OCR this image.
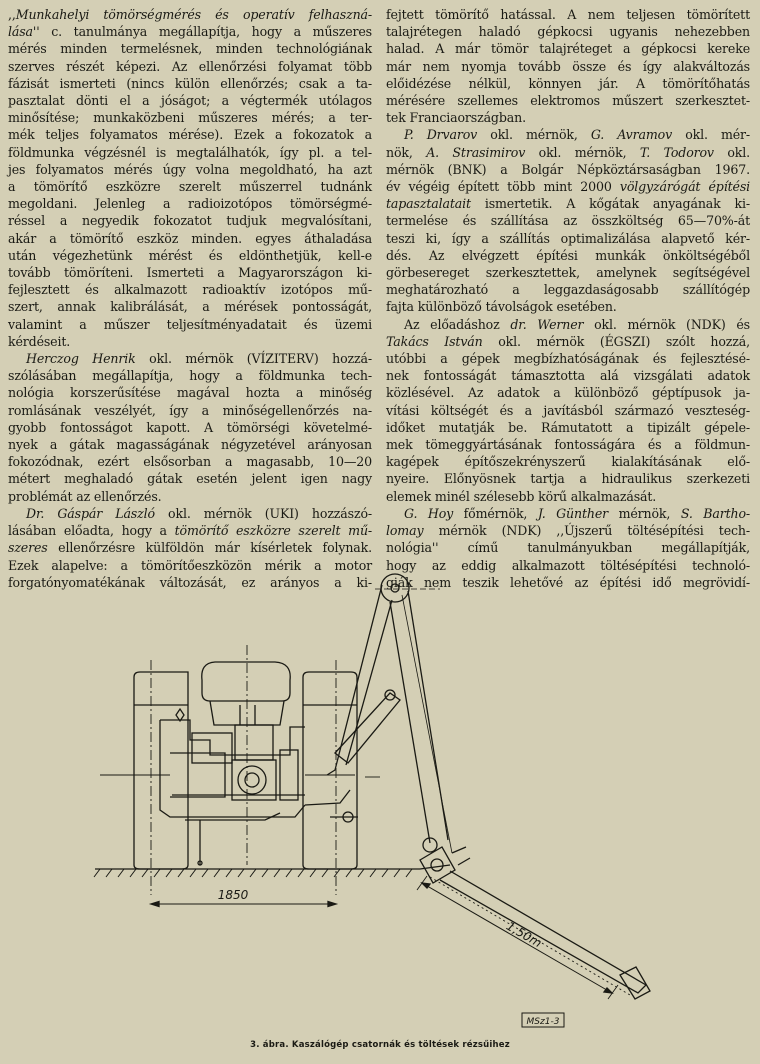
,,Munkahelyi tömörségmérés és operatív felhaszná-
lása'' c. tanulmánya megállapítja, hogy a műszeres
mérés minden termelésnek, minden technológiának
szerves részét képezi. Az ellenőrzési folyamat több
fázisát ismerteti (nincs külön ellenőrzés; csak a ta-
pasztalat dönti el a jóságot; a végtermék utólagos
minősítése; munkaközbeni műszeres mérés; a ter-
mék teljes folyamatos mérése). Ezek a fokozatok a
földmunka végzésnél is megtalálhatók, így pl. a tel-
jes folyamatos mérés úgy volna megoldható, ha azt
a tömörítő eszközre szerelt műszerrel tudnánk
megoldani. Jelenleg a radioizotópos tömörségmé-
réssel a negyedik fokozatot tudjuk megvalósítani,
akár a tömörítő eszköz minden. egyes áthaladása
után végezhetünk mérést és eldönthetjük, kell-e
tovább tömöríteni. Ismerteti a Magyarországon ki-
fejlesztett és alkalmazott radioaktív izotópos mű-
szert, annak kalibrálását, a mérések pontosságát,
valamint a műszer teljesítményadatait és üzemi
kérdéseit.
Herczog Henrik okl. mérnök (VÍZITERV) hozzá-
szólásában megállapítja, hogy a földmunka tech-
nológia korszerűsítése magával hozta a minőség
romlásának veszélyét, így a minőségellenőrzés na-
gyobb fontosságot kapott. A tömörségi követelmé-
nyek a gátak magasságának négyzetével arányosan
fokozódnak, ezért elsősorban a magasabb, 10—20
métert meghaladó gátak esetén jelent igen nagy
problémát az ellenőrzés.
Dr. Gáspár László okl. mérnök (UKI) hozzászó-
lásában előadta, hogy a tömörítő eszközre szerelt mű-
szeres ellenőrzésre külföldön már kísérletek folynak.
Ezek alapelve: a tömörítőeszközön mérik a motor
forgatónyomatékának változását, ez arányos a ki-
fejtett tömörítő hatással. A nem teljesen tömörített
talajrétegen haladó gépkocsi ugyanis nehezebben
halad. A már tömör talajréteget a gépkocsi kereke
már nem nyomja tovább össze és így alakváltozás
előidézése nélkül, könnyen jár. A tömörítőhatás
mérésére szellemes elektromos műszert szerkesztet-
tek Franciaországban.
P. Drvarov okl. mérnök, G. Avramov okl. mér-
nök, A. Strasimirov okl. mérnök, T. Todorov okl.
mérnök (BNK) a Bolgár Népköztársaságban 1967.
év végéig épített több mint 2000 völgyzárógát építési
tapasztalatait ismertetik. A kőgátak anyagának ki-
termelése és szállítása az összköltség 65—70%-át
teszi ki, így a szállítás optimalizálása alapvető kér-
dés. Az elvégzett építési munkák önköltségéből
görbesereget szerkesztettek, amelynek segítségével
meghatározható a leggazdaságosabb szállítógép
fajta különböző távolságok esetében.
Az előadáshoz dr. Werner okl. mérnök (NDK) és
Takács István okl. mérnök (ÉGSZI) szólt hozzá,
utóbbi a gépek megbízhatóságának és fejlesztésé-
nek fontosságát támasztotta alá vizsgálati adatok
közlésével. Az adatok a különböző géptípusok ja-
vítási költségét és a javításból származó veszteség-
időket mutatják be. Rámutatott a tipizált gépele-
mek tömeggyártásának fontosságára és a földmun-
kagépek építőszekrényszerű kialakításának elő-
nyeire. Előnyösnek tartja a hidraulikus szerkezeti
elemek minél szélesebb körű alkalmazását.
G. Hoy főmérnök, J. Günther mérnök, S. Bartho-
lomay mérnök (NDK) ,,Újszerű töltésépítési tech-
nológia'' című tanulmányukban megállapítják,
hogy az eddig alkalmazott töltésépítési technoló-
giák nem teszik lehetővé az építési idő megrövidí-
1850
1,50m
MSz1-3
3. ábra. Kaszálógép csatornák és töltések rézsűihez
